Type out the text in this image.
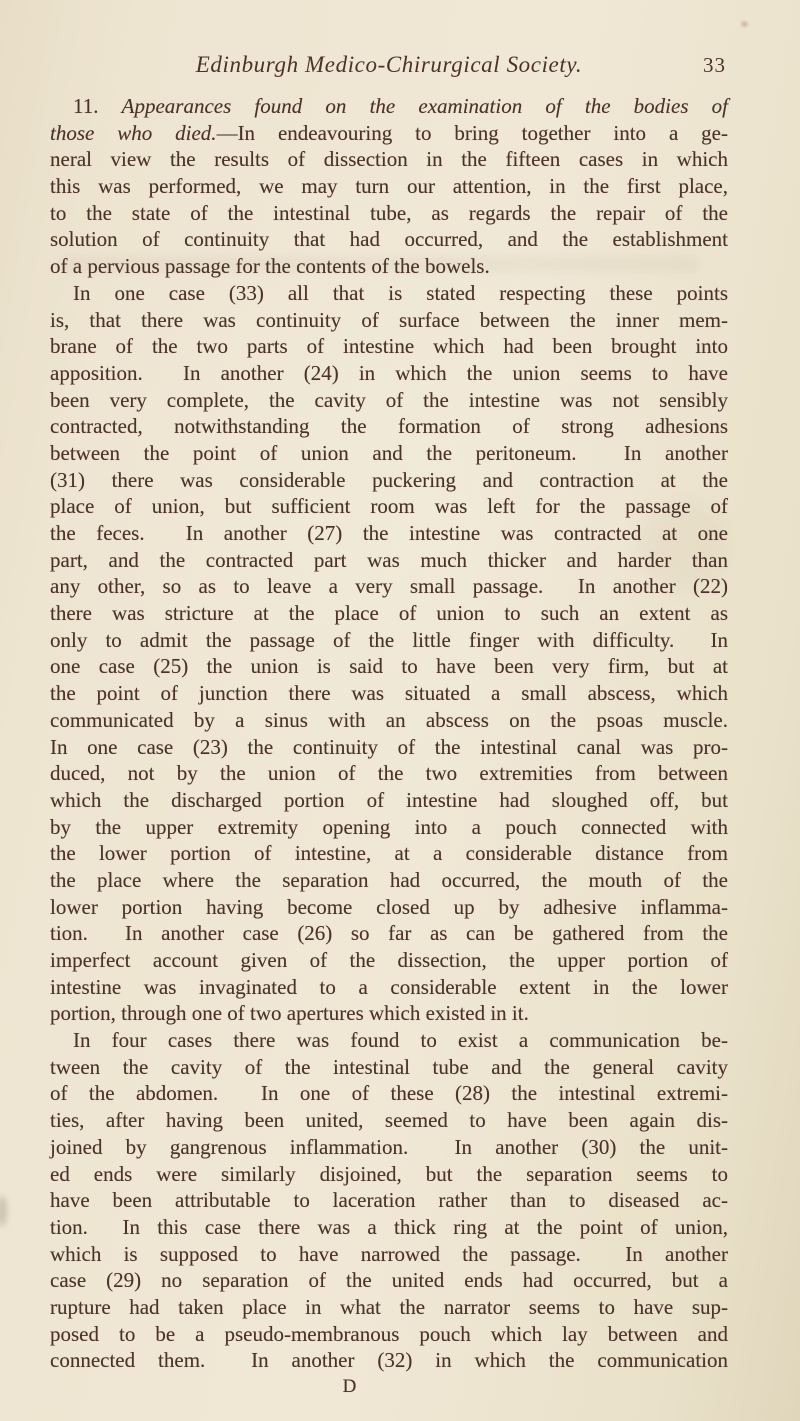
Edinburgh Medico-Chirurgical Society.	33
11. Appearances found on the examination of the bodies of
those who died.—In endeavouring to bring together into a ge-
neral view the results of dissection in the fifteen cases in which
this was performed, we may turn our attention, in the first place,
to the state of the intestinal tube, as regards the repair of the
solution of continuity that had occurred, and the establishment
of a pervious passage for the contents of the bowels.
In one case (33) all that is stated respecting these points
is, that there was continuity of surface between the inner mem-
brane of the two parts of intestine which had been brought into
apposition.  In another (24) in which the union seems to have
been very complete, the cavity of the intestine was not sensibly
contracted, notwithstanding the formation of strong adhesions
between the point of union and the peritoneum.  In another
(31) there was considerable puckering and contraction at the
place of union, but sufficient room was left for the passage of
the feces.  In another (27) the intestine was contracted at one
part, and the contracted part was much thicker and harder than
any other, so as to leave a very small passage.  In another (22)
there was stricture at the place of union to such an extent as
only to admit the passage of the little finger with difficulty.  In
one case (25) the union is said to have been very firm, but at
the point of junction there was situated a small abscess, which
communicated by a sinus with an abscess on the psoas muscle.
In one case (23) the continuity of the intestinal canal was pro-
duced, not by the union of the two extremities from between
which the discharged portion of intestine had sloughed off, but
by the upper extremity opening into a pouch connected with
the lower portion of intestine, at a considerable distance from
the place where the separation had occurred, the mouth of the
lower portion having become closed up by adhesive inflamma-
tion.  In another case (26) so far as can be gathered from the
imperfect account given of the dissection, the upper portion of
intestine was invaginated to a considerable extent in the lower
portion, through one of two apertures which existed in it.
In four cases there was found to exist a communication be-
tween the cavity of the intestinal tube and the general cavity
of the abdomen.  In one of these (28) the intestinal extremi-
ties, after having been united, seemed to have been again dis-
joined by gangrenous inflammation.  In another (30) the unit-
ed ends were similarly disjoined, but the separation seems to
have been attributable to laceration rather than to diseased ac-
tion.  In this case there was a thick ring at the point of union,
which is supposed to have narrowed the passage.  In another
case (29) no separation of the united ends had occurred, but a
rupture had taken place in what the narrator seems to have sup-
posed to be a pseudo-membranous pouch which lay between and
connected them.  In another (32) in which the communication
D
